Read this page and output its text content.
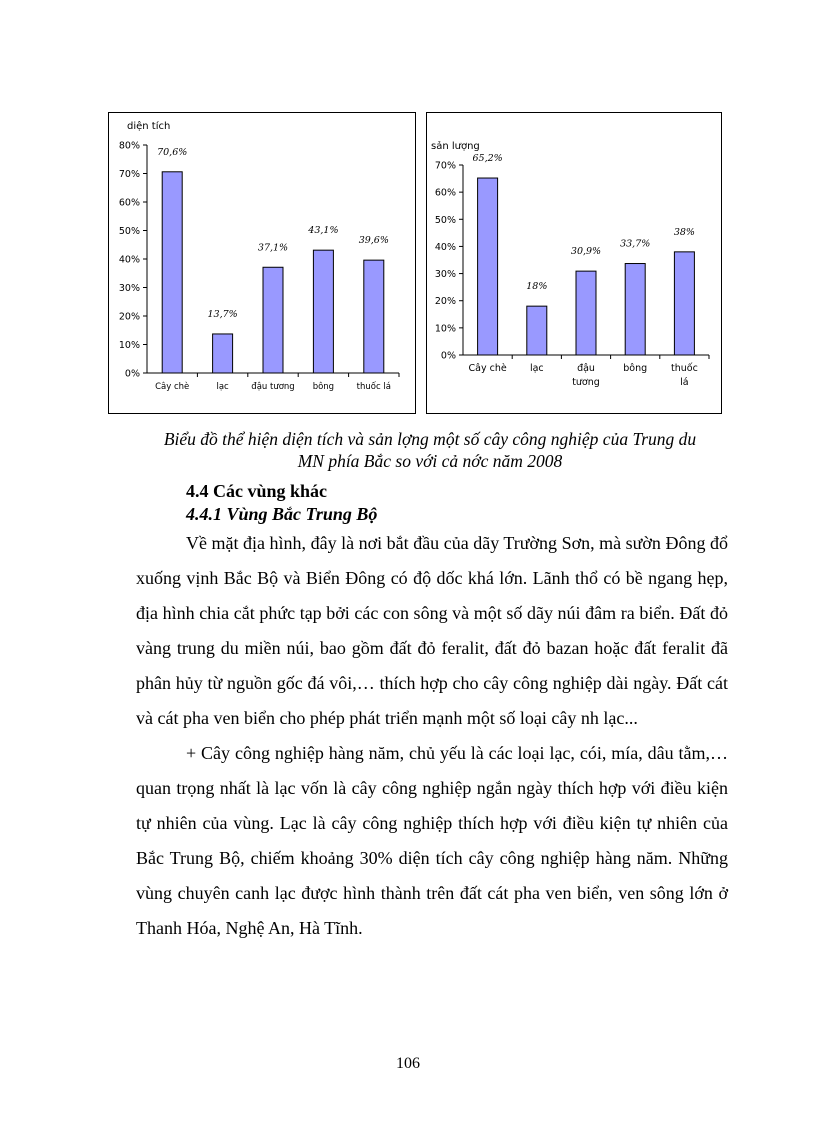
diện tích
0%
10%
20%
30%
40%
50%
60%
70%
80%
70,6%
Cây chè
13,7%
lạc
37,1%
đậu tương
43,1%
bông
39,6%
thuốc lá
sản lượng
0%
10%
20%
30%
40%
50%
60%
70%
65,2%
Cây chè
18%
lạc
30,9%
đậu
tương
33,7%
bông
38%
thuốc
lá
Biểu đồ thể hiện diện tích và sản lợng một số cây công nghiệp của Trung du
MN phía Bắc so với cả nớc năm 2008
4.4 Các vùng khác
4.4.1 Vùng Bắc Trung Bộ

Về mặt địa hình, đây là nơi bắt đầu của dãy Trường Sơn, mà sườn Đông đổ xuống vịnh Bắc Bộ và Biển Đông có độ dốc khá lớn. Lãnh thổ có bề ngang hẹp, địa hình chia cắt phức tạp bởi các con sông và một số dãy núi đâm ra biển. Đất đỏ vàng trung du miền núi, bao gồm đất đỏ feralit, đất đỏ bazan hoặc đất feralit đã phân hủy từ nguồn gốc đá vôi,… thích hợp cho cây công nghiệp dài ngày. Đất cát và cát pha ven biển cho phép phát triển mạnh một số loại cây nh lạc...

+ Cây công nghiệp hàng năm, chủ yếu là các loại lạc, cói, mía, dâu tằm,… quan trọng nhất là lạc vốn là cây công nghiệp ngắn ngày thích hợp với điều kiện tự nhiên của vùng. Lạc là cây công nghiệp thích hợp với điều kiện tự nhiên của Bắc Trung Bộ, chiếm khoảng 30% diện tích cây công nghiệp hàng năm. Những vùng chuyên canh lạc được hình thành trên đất cát pha ven biển, ven sông lớn ở Thanh Hóa, Nghệ An, Hà Tĩnh.

106
